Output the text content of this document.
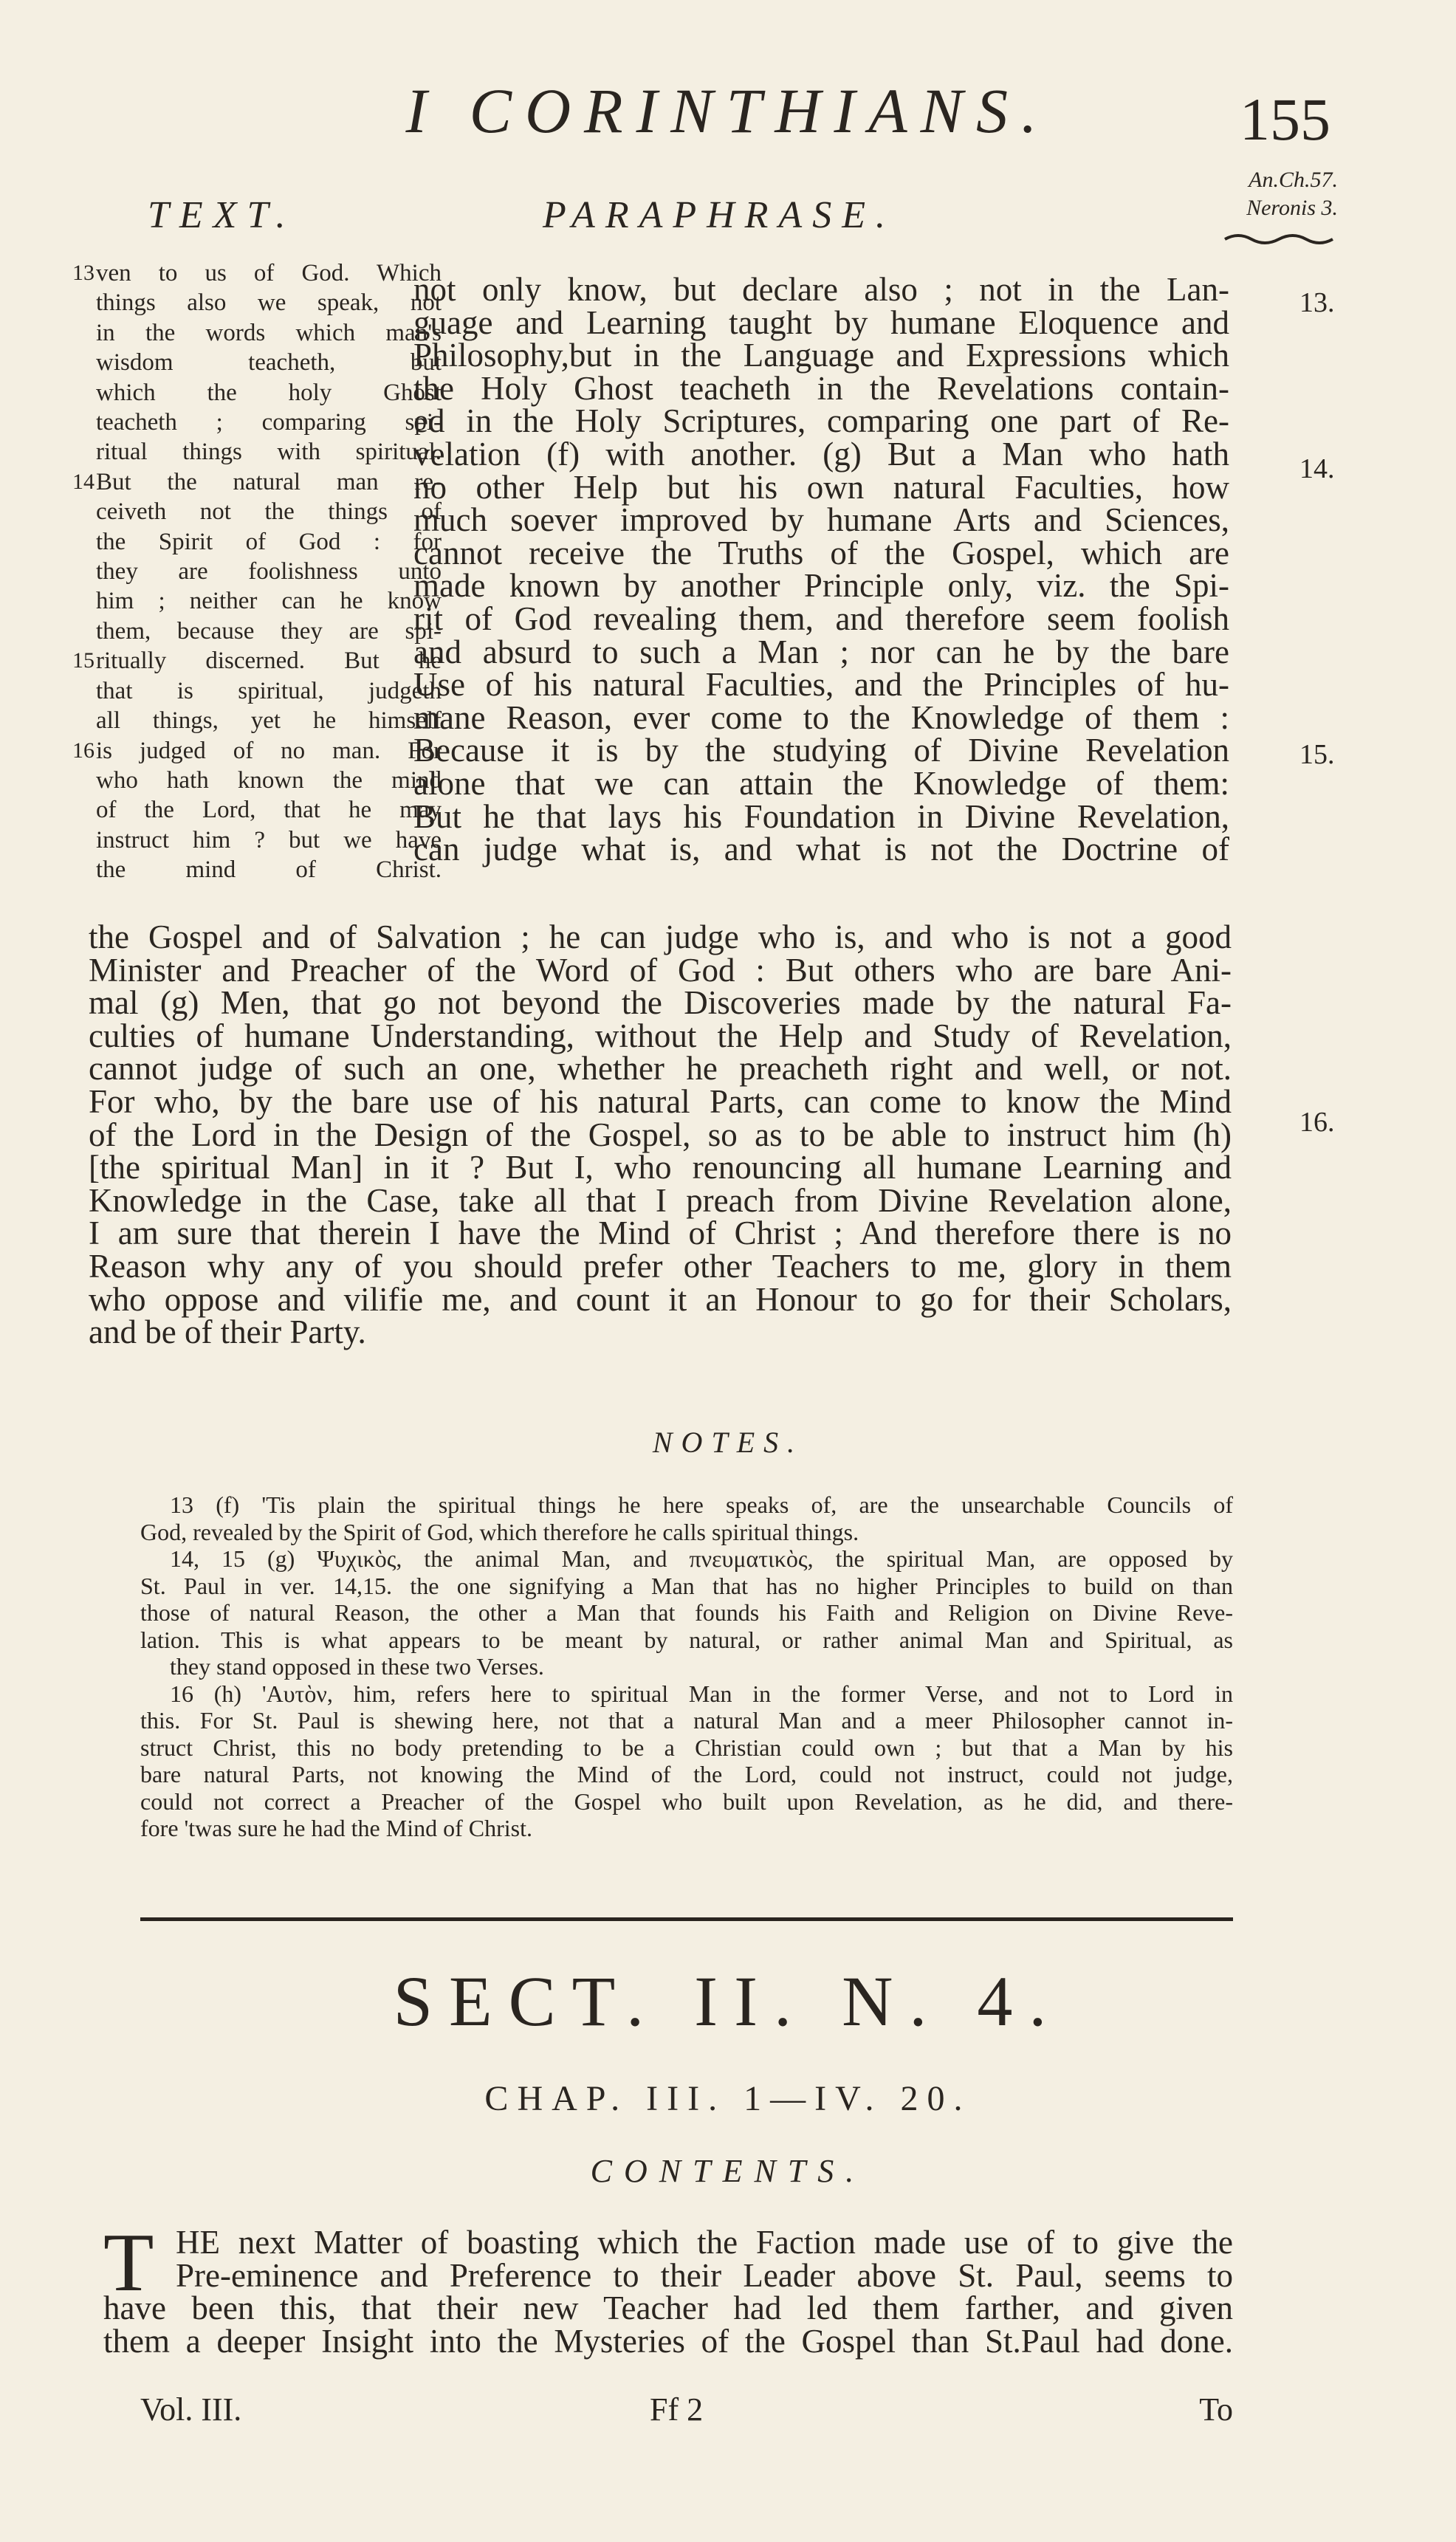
I CORINTHIANS.	155
An.Ch.57.
Neronis 3.
TEXT.	PARAPHRASE.
13 ven to us of God. Which
things also we speak, not
in the words which man's
wisdom teacheth, but
which the holy Ghost
teacheth ; comparing spi-
ritual things with spiritual.
14 But the natural man re-
ceiveth not the things of
the Spirit of God : for
they are foolishness unto
him ; neither can he know
them, because they are spi-
15 ritually discerned. But he
that is spiritual, judgeth
all things, yet he himself
16 is judged of no man. For
who hath known the mind
of the Lord, that he may
instruct him ? but we have
the mind of Christ.
not only know, but declare also ; not in the Lan-
guage and Learning taught by humane Eloquence and
Philosophy,but in the Language and Expressions which
the Holy Ghost teacheth in the Revelations contain-
ed in the Holy Scriptures, comparing one part of Re-
velation (f) with another. (g) But a Man who hath
no other Help but his own natural Faculties, how
much soever improved by humane Arts and Sciences,
cannot receive the Truths of the Gospel, which are
made known by another Principle only, viz. the Spi-
rit of God revealing them, and therefore seem foolish
and absurd to such a Man ; nor can he by the bare
Use of his natural Faculties, and the Principles of hu-
mane Reason, ever come to the Knowledge of them :
Because it is by the studying of Divine Revelation
alone that we can attain the Knowledge of them:
But he that lays his Foundation in Divine Revelation,
can judge what is, and what is not the Doctrine of
the Gospel and of Salvation ; he can judge who is, and who is not a good
Minister and Preacher of the Word of God : But others who are bare Ani-
mal (g) Men, that go not beyond the Discoveries made by the natural Fa-
culties of humane Understanding, without the Help and Study of Revelation,
cannot judge of such an one, whether he preacheth right and well, or not.
For who, by the bare use of his natural Parts, can come to know the Mind
of the Lord in the Design of the Gospel, so as to be able to instruct him (h)
[the spiritual Man] in it ? But I, who renouncing all humane Learning and
Knowledge in the Case, take all that I preach from Divine Revelation alone,
I am sure that therein I have the Mind of Christ ; And therefore there is no
Reason why any of you should prefer other Teachers to me, glory in them
who oppose and vilifie me, and count it an Honour to go for their Scholars,
and be of their Party.
13.
14.
15.
16.
NOTES.
13 (f) 'Tis plain the spiritual things he here speaks of, are the unsearchable Councils of
God, revealed by the Spirit of God, which therefore he calls spiritual things.
14, 15 (g) Ψυχικὸς, the animal Man, and πνευματικὸς, the spiritual Man, are opposed by
St. Paul in ver. 14,15. the one signifying a Man that has no higher Principles to build on than
those of natural Reason, the other a Man that founds his Faith and Religion on Divine Reve-
lation. This is what appears to be meant by natural, or rather animal Man and Spiritual, as
they stand opposed in these two Verses.
16 (h) 'Αυτὸν, him, refers here to spiritual Man in the former Verse, and not to Lord in
this. For St. Paul is shewing here, not that a natural Man and a meer Philosopher cannot in-
struct Christ, this no body pretending to be a Christian could own ; but that a Man by his
bare natural Parts, not knowing the Mind of the Lord, could not instruct, could not judge,
could not correct a Preacher of the Gospel who built upon Revelation, as he did, and there-
fore 'twas sure he had the Mind of Christ.
SECT. II. N. 4.
CHAP. III. 1—IV. 20.
CONTENTS.
T HE next Matter of boasting which the Faction made use of to give the
Pre-eminence and Preference to their Leader above St. Paul, seems to
have been this, that their new Teacher had led them farther, and given
them a deeper Insight into the Mysteries of the Gospel than St.Paul had done.
Vol. III.	Ff 2	To
